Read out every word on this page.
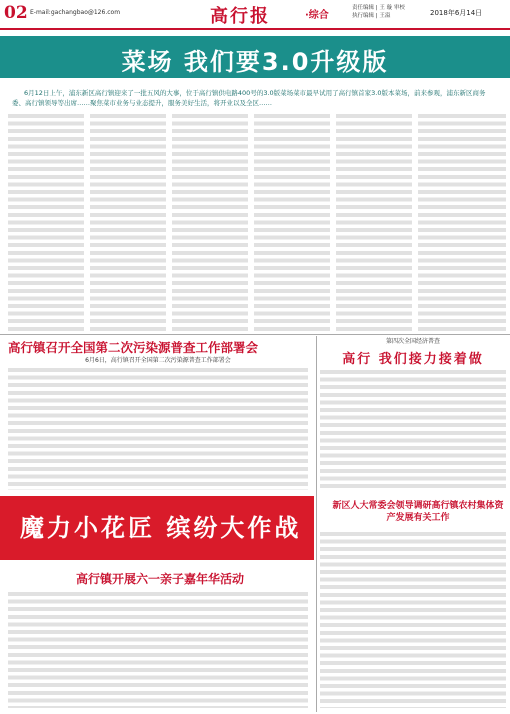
02 E-mail:gachangbao@126.com	高行报	·综合
责任编辑 | 王 璇 审校
执行编辑 | 王溢	2018年6月14日
菜场 我们要3.0升级版
6月12日上午，浦东新区高行镇迎来了一批五风的大事，位于高行镇供电路400号的3.0版菜场菜市最早试用了高行镇首家3.0版本菜场，前来参观，浦东新区商务委、高行镇领导等出席……聚焦菜市业务与业态提升，服务美好生活，将开业以及全区……
高行镇召开全国第二次污染源普查工作部署会
6月6日，高行镇召开全国第二次污染源普查工作部署会
第四次全国经济普查
高行 我们接力接着做
魔力小花匠 缤纷大作战
高行镇开展六一亲子嘉年华活动
新区人大常委会领导调研高行镇农村集体资产发展有关工作
